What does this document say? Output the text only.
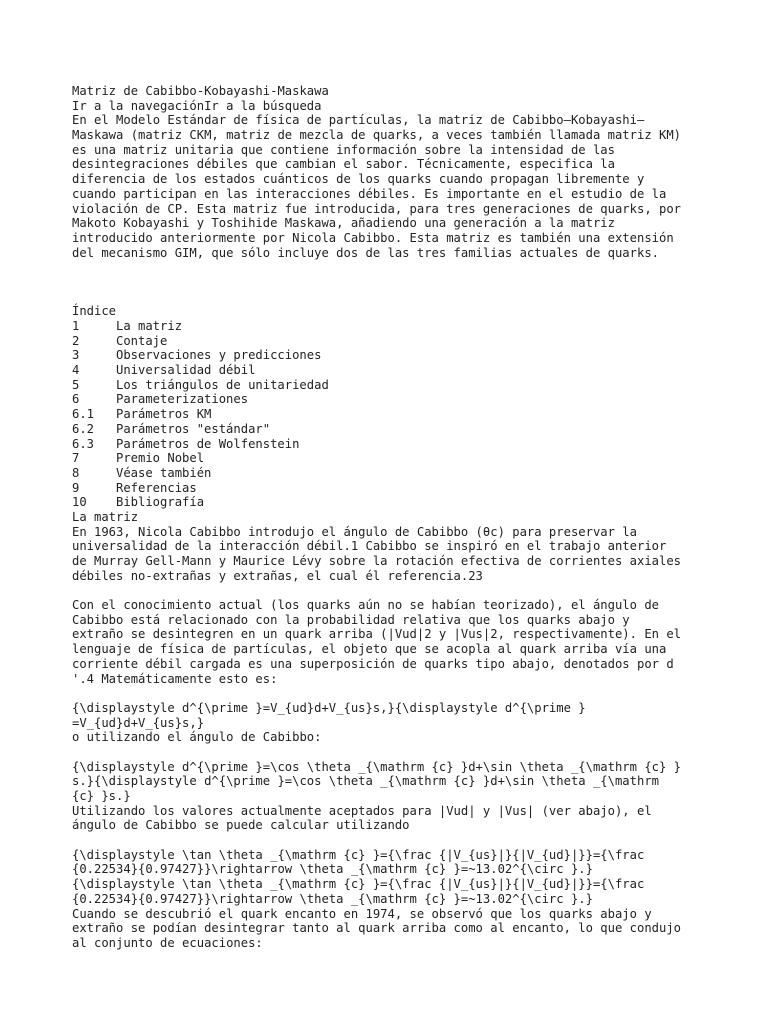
Matriz de Cabibbo-Kobayashi-Maskawa
Ir a la navegaciónIr a la búsqueda
En el Modelo Estándar de física de partículas, la matriz de Cabibbo–Kobayashi–
Maskawa (matriz CKM, matriz de mezcla de quarks, a veces también llamada matriz KM)
es una matriz unitaria que contiene información sobre la intensidad de las
desintegraciones débiles que cambian el sabor. Técnicamente, especifica la
diferencia de los estados cuánticos de los quarks cuando propagan libremente y
cuando participan en las interacciones débiles. Es importante en el estudio de la
violación de CP. Esta matriz fue introducida, para tres generaciones de quarks, por
Makoto Kobayashi y Toshihide Maskawa, añadiendo una generación a la matriz
introducido anteriormente por Nicola Cabibbo. Esta matriz es también una extensión
del mecanismo GIM, que sólo incluye dos de las tres familias actuales de quarks.
Índice
1	La matriz
2	Contaje
3	Observaciones y predicciones
4	Universalidad débil
5	Los triángulos de unitariedad
6	Parameterizationes
6.1	Parámetros KM
6.2	Parámetros "estándar"
6.3	Parámetros de Wolfenstein
7	Premio Nobel
8	Véase también
9	Referencias
10	Bibliografía
La matriz
En 1963, Nicola Cabibbo introdujo el ángulo de Cabibbo (θc) para preservar la
universalidad de la interacción débil.1 Cabibbo se inspiró en el trabajo anterior
de Murray Gell-Mann y Maurice Lévy sobre la rotación efectiva de corrientes axiales
débiles no-extrañas y extrañas, el cual él referencia.23
Con el conocimiento actual (los quarks aún no se habían teorizado), el ángulo de
Cabibbo está relacionado con la probabilidad relativa que los quarks abajo y
extraño se desintegren en un quark arriba (|Vud|2 y |Vus|2, respectivamente). En el
lenguaje de física de partículas, el objeto que se acopla al quark arriba vía una
corriente débil cargada es una superposición de quarks tipo abajo, denotados por d
'.4 Matemáticamente esto es:
{\displaystyle d^{\prime }=V_{ud}d+V_{us}s,}{\displaystyle d^{\prime }
=V_{ud}d+V_{us}s,}
o utilizando el ángulo de Cabibbo:
{\displaystyle d^{\prime }=\cos \theta _{\mathrm {c} }d+\sin \theta _{\mathrm {c} }
s.}{\displaystyle d^{\prime }=\cos \theta _{\mathrm {c} }d+\sin \theta _{\mathrm
{c} }s.}
Utilizando los valores actualmente aceptados para |Vud| y |Vus| (ver abajo), el
ángulo de Cabibbo se puede calcular utilizando
{\displaystyle \tan \theta _{\mathrm {c} }={\frac {|V_{us}|}{|V_{ud}|}}={\frac
{0.22534}{0.97427}}\rightarrow \theta _{\mathrm {c} }=~13.02^{\circ }.}
{\displaystyle \tan \theta _{\mathrm {c} }={\frac {|V_{us}|}{|V_{ud}|}}={\frac
{0.22534}{0.97427}}\rightarrow \theta _{\mathrm {c} }=~13.02^{\circ }.}
Cuando se descubrió el quark encanto en 1974, se observó que los quarks abajo y
extraño se podían desintegrar tanto al quark arriba como al encanto, lo que condujo
al conjunto de ecuaciones:
